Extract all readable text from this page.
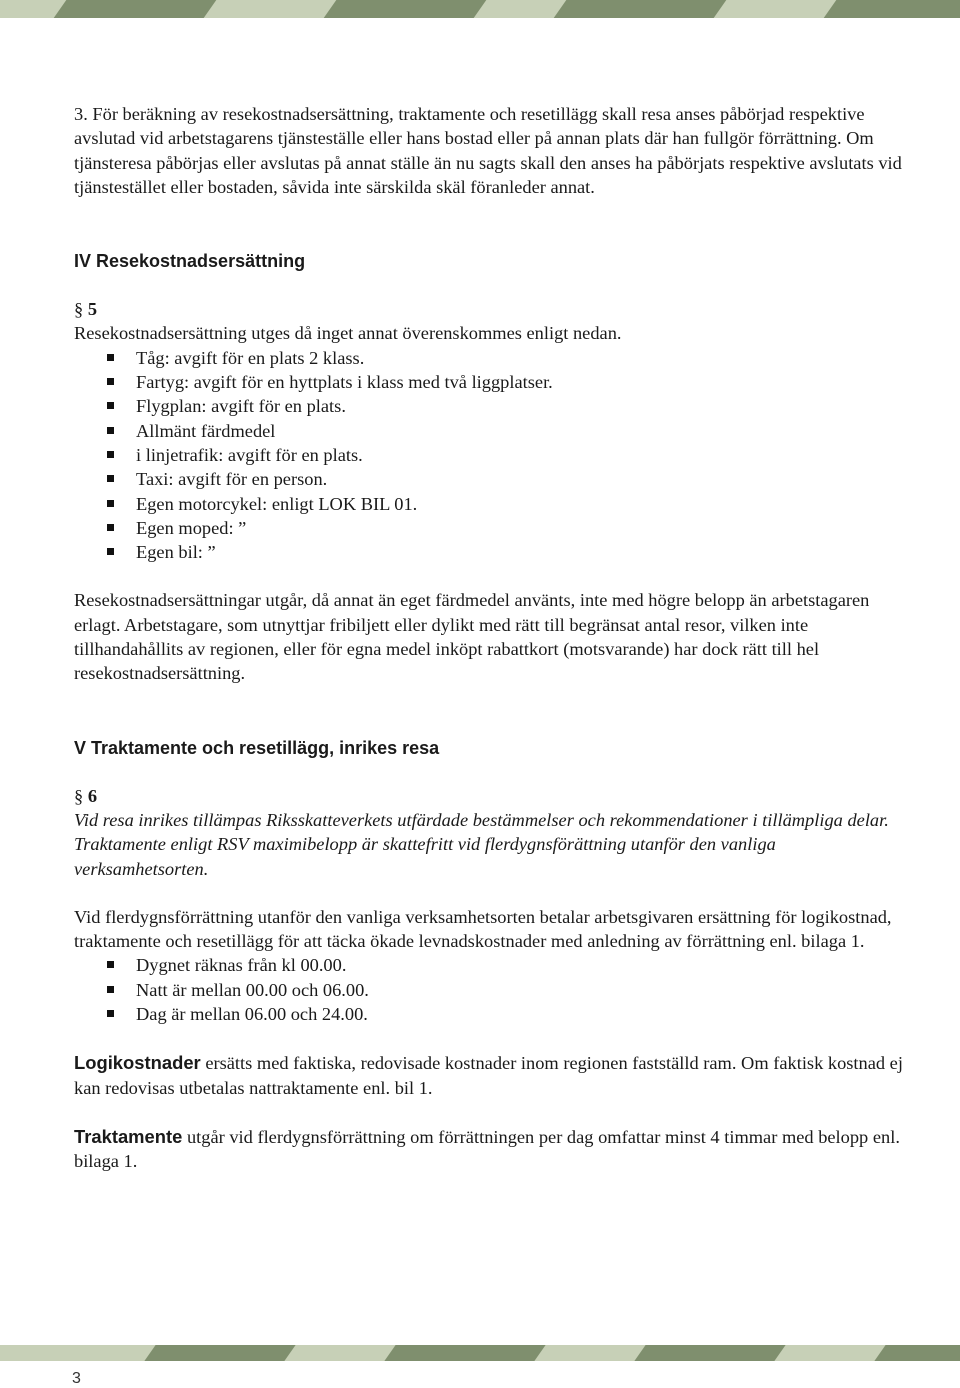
3. För beräkning av resekostnadsersättning, traktamente och resetillägg skall resa anses påbörjad respektive avslutad vid arbetstagarens tjänsteställe eller hans bostad eller på annan plats där han fullgör förrättning. Om tjänsteresa påbörjas eller avslutas på annat ställe än nu sagts skall den anses ha påbörjats respektive avslutats vid tjänstestället eller bostaden, såvida inte särskilda skäl föranleder annat.

IV Resekostnadsersättning
§ 5

Resekostnadsersättning utges då inget annat överenskommes enligt nedan.

Tåg: avgift för en plats 2 klass.
Fartyg: avgift för en hyttplats i klass med två liggplatser.
Flygplan: avgift för en plats.
Allmänt färdmedel
i linjetrafik: avgift för en plats.
Taxi: avgift för en person.
Egen motorcykel: enligt LOK BIL 01.
Egen moped: ”
Egen bil: ”

Resekostnadsersättningar utgår, då annat än eget färdmedel använts, inte med högre belopp än arbetstagaren erlagt. Arbetstagare, som utnyttjar fribiljett eller dylikt med rätt till begränsat antal resor, vilken inte tillhandahållits av regionen, eller för egna medel inköpt rabattkort (motsvarande) har dock rätt till hel resekostnadsersättning.

V Traktamente och resetillägg, inrikes resa
§ 6

Vid resa inrikes tillämpas Riksskatteverkets utfärdade bestämmelser och rekommendationer i tillämpliga delar. Traktamente enligt RSV maximibelopp är skattefritt vid flerdygnsförättning utanför den vanliga verksamhetsorten.

Vid flerdygnsförrättning utanför den vanliga verksamhetsorten betalar arbetsgivaren ersättning för logikostnad, traktamente och resetillägg för att täcka ökade levnadskostnader med anledning av förrättning enl. bilaga 1.

Dygnet räknas från kl 00.00.
Natt är mellan 00.00 och 06.00.
Dag är mellan 06.00 och 24.00.

Logikostnader ersätts med faktiska, redovisade kostnader inom regionen fastställd ram. Om faktisk kostnad ej kan redovisas utbetalas nattraktamente enl. bil 1.

Traktamente utgår vid flerdygnsförrättning om förrättningen per dag omfattar minst 4 timmar med belopp enl. bilaga 1.

3
